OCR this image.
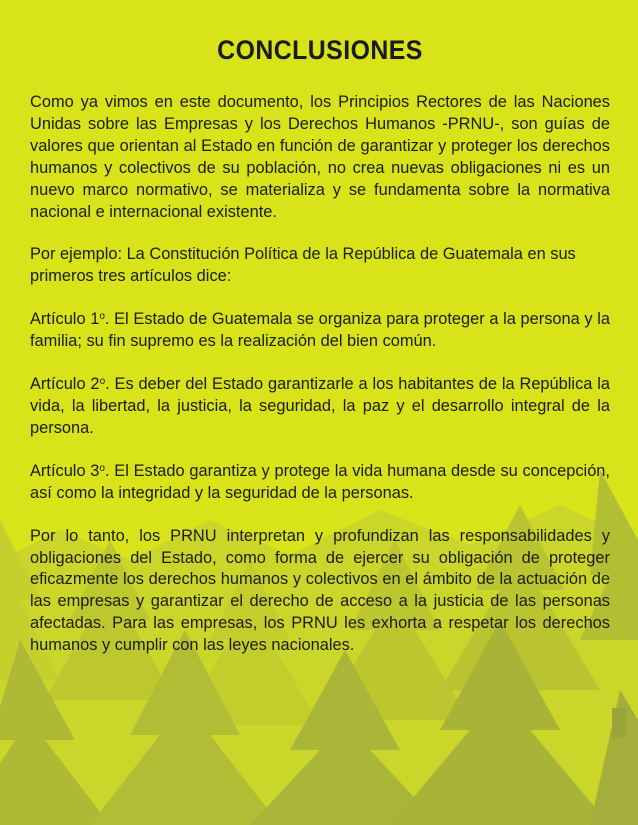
CONCLUSIONES

Como ya vimos en este documento, los Principios Rectores de las Naciones Unidas sobre las Empresas y los Derechos Humanos -PRNU-, son guías de valores que orientan al Estado en función de garantizar y proteger los derechos humanos y colectivos de su población, no crea nuevas obligaciones ni es un nuevo marco normativo, se materializa y se fundamenta sobre la normativa nacional e internacional existente.

Por ejemplo: La Constitución Política de la República de Guatemala en sus primeros tres artículos dice:

Artículo 1$^o$. El Estado de Guatemala se organiza para proteger a la persona y la familia; su fin supremo es la realización del bien común.

Artículo 2$^o$. Es deber del Estado garantizarle a los habitantes de la República la vida, la libertad, la justicia, la seguridad, la paz y el desarrollo integral de la persona.

Artículo 3$^o$. El Estado garantiza y protege la vida humana desde su concepción, así como la integridad y la seguridad de la personas.

Por lo tanto, los PRNU interpretan y profundizan las responsabilidades y obligaciones del Estado, como forma de ejercer su obligación de proteger eficazmente los derechos humanos y colectivos en el ámbito de la actuación de las empresas y garantizar el derecho de acceso a la justicia de las personas afectadas. Para las empresas, los PRNU les exhorta a respetar los derechos humanos y cumplir con las leyes nacionales.
